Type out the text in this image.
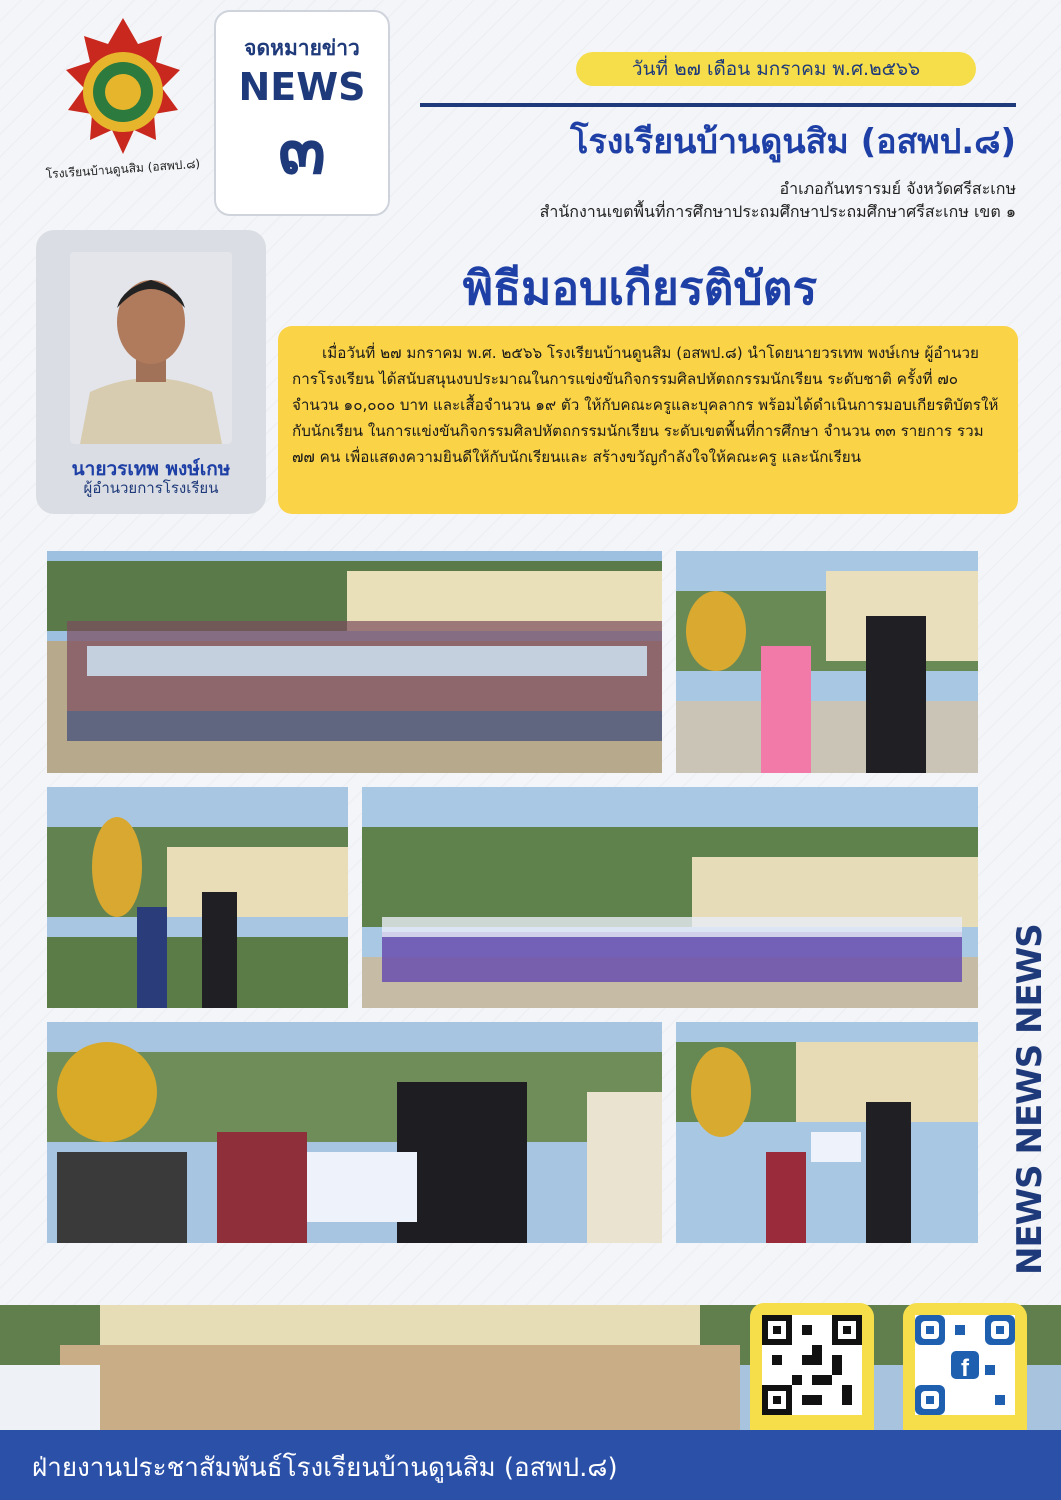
โรงเรียนบ้านดูนสิม (อสพป.๘)
จดหมายข่าว
NEWS
๓
วันที่ ๒๗ เดือน มกราคม พ.ศ.๒๕๖๖
โรงเรียนบ้านดูนสิม (อสพป.๘)
อำเภอกันทรารมย์ จังหวัดศรีสะเกษ
สำนักงานเขตพื้นที่การศึกษาประถมศึกษาประถมศึกษาศรีสะเกษ เขต ๑
นายวรเทพ พงษ์เกษ
ผู้อำนวยการโรงเรียน
พิธีมอบเกียรติบัตร
เมื่อวันที่ ๒๗ มกราคม พ.ศ. ๒๕๖๖ โรงเรียนบ้านดูนสิม (อสพป.๘) นำโดยนายวรเทพ พงษ์เกษ ผู้อำนวยการโรงเรียน ได้สนับสนุนงบประมาณในการแข่งขันกิจกรรมศิลปหัตถกรรมนักเรียน ระดับชาติ ครั้งที่ ๗๐ จำนวน ๑๐,๐๐๐ บาท และเสื้อจำนวน ๑๙ ตัว ให้กับคณะครูและบุคลากร พร้อมได้ดำเนินการมอบเกียรติบัตรให้กับนักเรียน ในการแข่งขันกิจกรรมศิลปหัตถกรรมนักเรียน ระดับเขตพื้นที่การศึกษา จำนวน ๓๓ รายการ รวม ๗๗ คน เพื่อแสดงความยินดีให้กับนักเรียนและ สร้างขวัญกำลังใจให้คณะครู และนักเรียน
NEWS NEWS NEWS
f
ฝ่ายงานประชาสัมพันธ์โรงเรียนบ้านดูนสิม (อสพป.๘)
